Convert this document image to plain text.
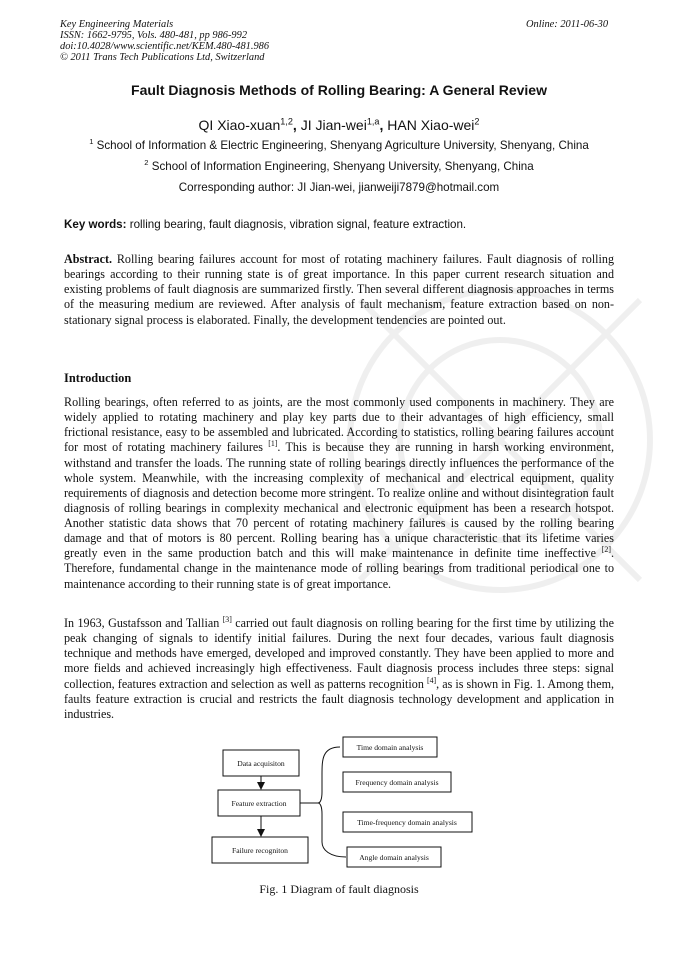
Key Engineering Materials
ISSN: 1662-9795, Vols. 480-481, pp 986-992
doi:10.4028/www.scientific.net/KEM.480-481.986
© 2011 Trans Tech Publications Ltd, Switzerland
Online: 2011-06-30
Fault Diagnosis Methods of Rolling Bearing: A General Review
QI Xiao-xuan$^{1,2}$, JI Jian-wei$^{1,a}$, HAN Xiao-wei$^2$
$^1$ School of Information & Electric Engineering, Shenyang Agriculture University, Shenyang, China
$^2$ School of Information Engineering, Shenyang University, Shenyang, China
Corresponding author: JI Jian-wei, jianweiji7879@hotmail.com
Key words: rolling bearing, fault diagnosis, vibration signal, feature extraction.

Abstract. Rolling bearing failures account for most of rotating machinery failures. Fault diagnosis of rolling bearings according to their running state is of great importance. In this paper current research situation and existing problems of fault diagnosis are summarized firstly. Then several different diagnosis approaches in terms of the measuring medium are reviewed. After analysis of fault mechanism, feature extraction based on non-stationary signal process is elaborated. Finally, the development tendencies are pointed out.

Introduction

Rolling bearings, often referred to as joints, are the most commonly used components in machinery. They are widely applied to rotating machinery and play key parts due to their advantages of high efficiency, small frictional resistance, easy to be assembled and lubricated. According to statistics, rolling bearing failures account for most of rotating machinery failures [1]. This is because they are running in harsh working environment, withstand and transfer the loads. The running state of rolling bearings directly influences the performance of the whole system. Meanwhile, with the increasing complexity of mechanical and electrical equipment, quality requirements of diagnosis and detection become more stringent. To realize online and without disintegration fault diagnosis of rolling bearings in complexity mechanical and electronic equipment has been a research hotspot. Another statistic data shows that 70 percent of rotating machinery failures is caused by the rolling bearing damage and that of motors is 80 percent. Rolling bearing has a unique characteristic that its lifetime varies greatly even in the same production batch and this will make maintenance in definite time ineffective [2]. Therefore, fundamental change in the maintenance mode of rolling bearings from traditional periodical one to maintenance according to their running state is of great importance.

In 1963, Gustafsson and Tallian [3] carried out fault diagnosis on rolling bearing for the first time by utilizing the peak changing of signals to identify initial failures. During the next four decades, various fault diagnosis technique and methods have emerged, developed and improved constantly. They have been applied to more and more fields and achieved increasingly high effectiveness. Fault diagnosis process includes three steps: signal collection, features extraction and selection as well as patterns recognition [4], as is shown in Fig. 1. Among them, faults feature extraction is crucial and restricts the fault diagnosis technology development and application in industries.

Data acquisiton
Feature extraction
Failure recogniton
Time domain analysis
Frequency domain analysis
Time-frequency domain analysis
Angle domain analysis
Fig. 1 Diagram of fault diagnosis
